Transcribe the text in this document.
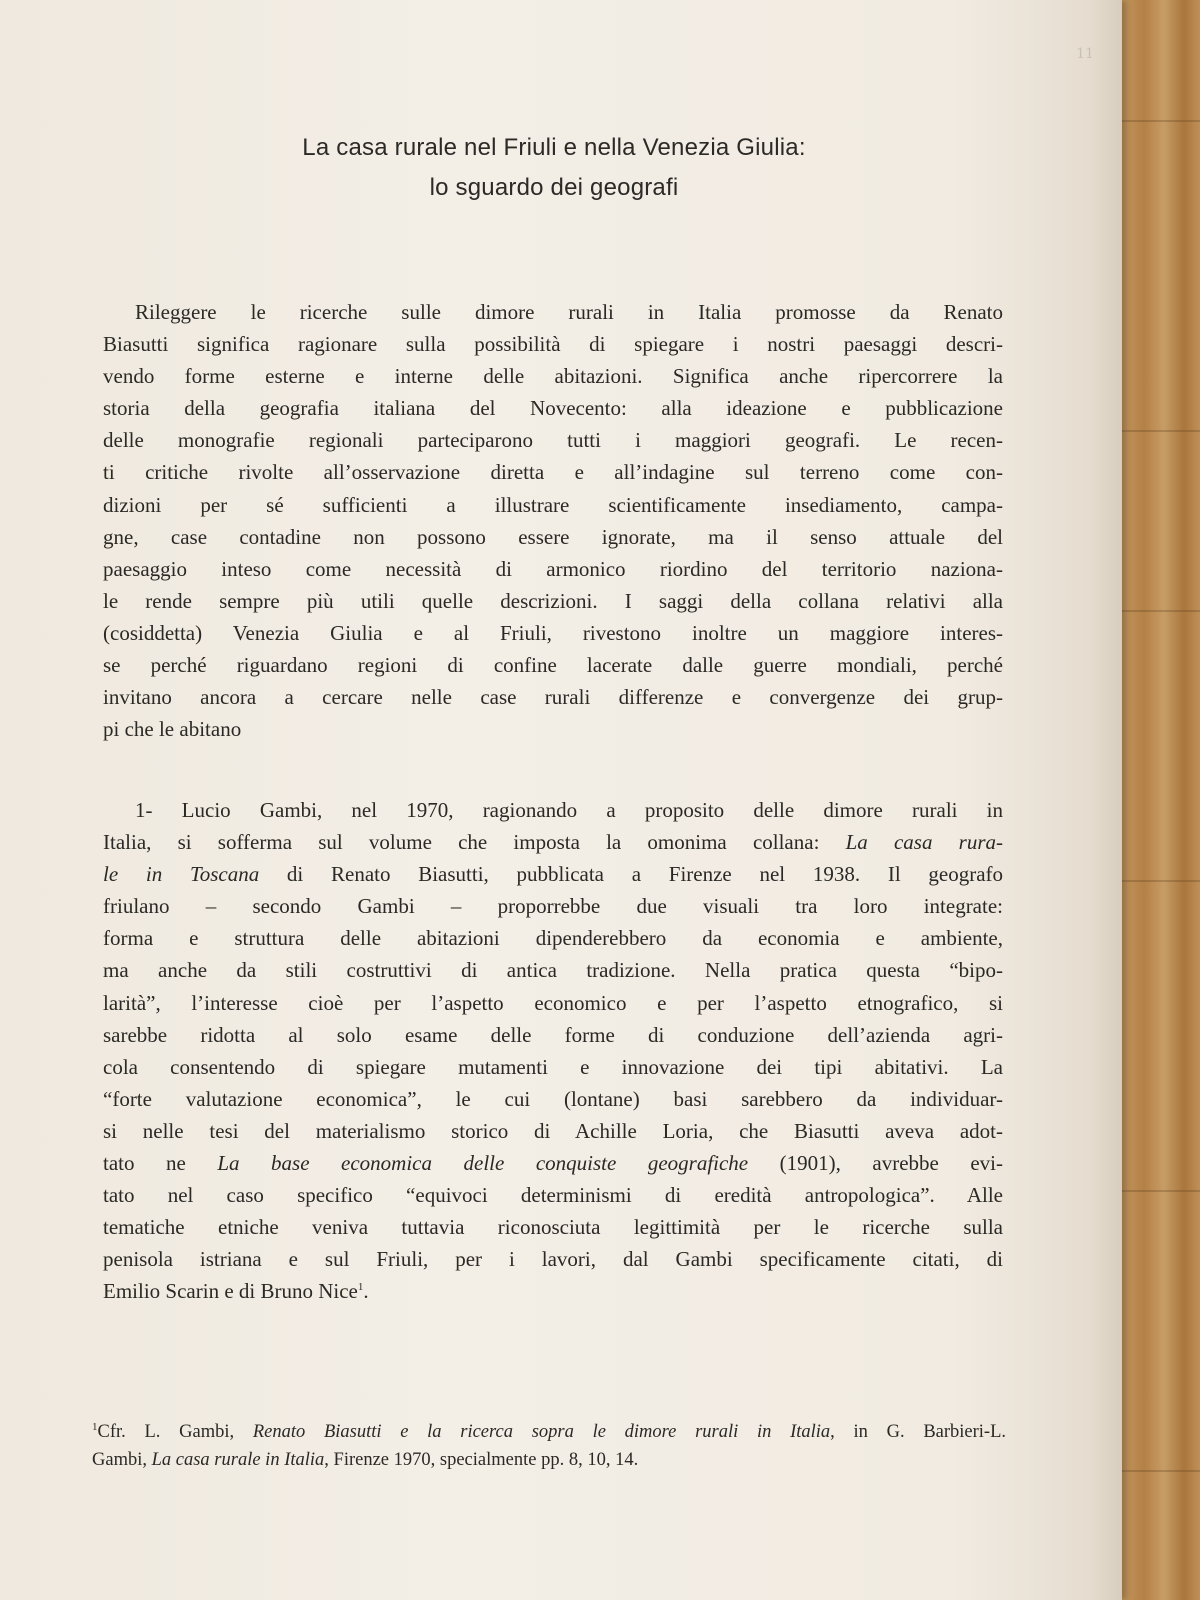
11
La casa rurale nel Friuli e nella Venezia Giulia:
lo sguardo dei geografi
Rileggere le ricerche sulle dimore rurali in Italia promosse da Renato
Biasutti significa ragionare sulla possibilità di spiegare i nostri paesaggi descri-
vendo forme esterne e interne delle abitazioni. Significa anche ripercorrere la
storia della geografia italiana del Novecento: alla ideazione e pubblicazione
delle monografie regionali parteciparono tutti i maggiori geografi. Le recen-
ti critiche rivolte all’osservazione diretta e all’indagine sul terreno come con-
dizioni per sé sufficienti a illustrare scientificamente insediamento, campa-
gne, case contadine non possono essere ignorate, ma il senso attuale del
paesaggio inteso come necessità di armonico riordino del territorio naziona-
le rende sempre più utili quelle descrizioni. I saggi della collana relativi alla
(cosiddetta) Venezia Giulia e al Friuli, rivestono inoltre un maggiore interes-
se perché riguardano regioni di confine lacerate dalle guerre mondiali, perché
invitano ancora a cercare nelle case rurali differenze e convergenze dei grup-
pi che le abitano
1- Lucio Gambi, nel 1970, ragionando a proposito delle dimore rurali in
Italia, si sofferma sul volume che imposta la omonima collana: La casa rura-
le in Toscana di Renato Biasutti, pubblicata a Firenze nel 1938. Il geografo
friulano – secondo Gambi – proporrebbe due visuali tra loro integrate:
forma e struttura delle abitazioni dipenderebbero da economia e ambiente,
ma anche da stili costruttivi di antica tradizione. Nella pratica questa “bipo-
larità”, l’interesse cioè per l’aspetto economico e per l’aspetto etnografico, si
sarebbe ridotta al solo esame delle forme di conduzione dell’azienda agri-
cola consentendo di spiegare mutamenti e innovazione dei tipi abitativi. La
“forte valutazione economica”, le cui (lontane) basi sarebbero da individuar-
si nelle tesi del materialismo storico di Achille Loria, che Biasutti aveva adot-
tato ne La base economica delle conquiste geografiche (1901), avrebbe evi-
tato nel caso specifico “equivoci determinismi di eredità antropologica”. Alle
tematiche etniche veniva tuttavia riconosciuta legittimità per le ricerche sulla
penisola istriana e sul Friuli, per i lavori, dal Gambi specificamente citati, di
Emilio Scarin e di Bruno Nice$^1$.
$^1$Cfr. L. Gambi, Renato Biasutti e la ricerca sopra le dimore rurali in Italia, in G. Barbieri-L.
Gambi, La casa rurale in Italia, Firenze 1970, specialmente pp. 8, 10, 14.
